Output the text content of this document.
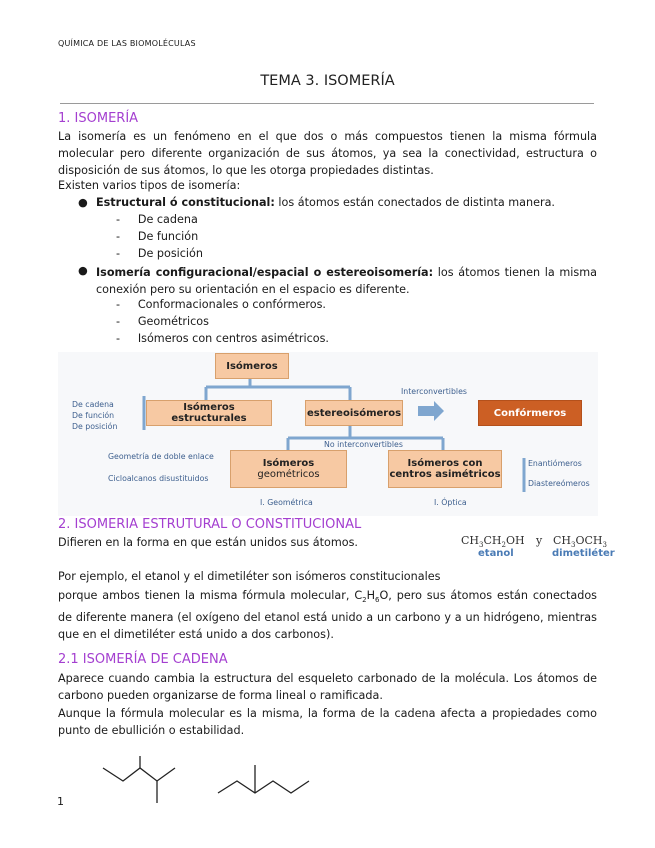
QUÍMICA DE LAS BIOMOLÉCULAS
TEMA 3. ISOMERÍA
1. ISOMERÍA
La isomería es un fenómeno en el que dos o más compuestos tienen la misma fórmula molecular pero diferente organización de sus átomos, ya sea la conectividad, estructura o disposición de sus átomos, lo que les otorga propiedades distintas.
Existen varios tipos de isomería:
● Estructural ó constitucional: los átomos están conectados de distinta manera.
-     De cadena
-     De función
-     De posición
● Isomería configuracional/espacial o estereoisomería: los átomos tienen la misma conexión pero su orientación en el espacio es diferente.
-     Conformacionales o confórmeros.
-     Geométricos
-     Isómeros con centros asimétricos.
Isómeros
Isómeros estructurales	estereoisómeros	Confórmeros
Isómeros
geométricos
Isómeros con
centros asimétricos
Interconvertibles
No interconvertibles
De cadena
De función
De posición
Geometría de doble enlace
Cicloalcanos disustituidos
Enantiómeros
Diastereómeros
I. Geométrica	I. Óptica
2. ISOMERIA ESTRUTURAL O CONSTITUCIONAL
Difieren en la forma en que están unidos sus átomos.	$CH_3CH_2OH$ y $CH_3OCH_3$
etanol	dimetiléter
Por ejemplo, el etanol y el dimetiléter son isómeros constitucionales
porque ambos tienen la misma fórmula molecular, $C_2H_6O$, pero sus átomos están conectados de diferente manera (el oxígeno del etanol está unido a un carbono y a un hidrógeno, mientras que en el dimetiléter está unido a dos carbonos).
2.1 ISOMERÍA DE CADENA
Aparece cuando cambia la estructura del esqueleto carbonado de la molécula. Los átomos de carbono pueden organizarse de forma lineal o ramificada.
Aunque la fórmula molecular es la misma, la forma de la cadena afecta a propiedades como punto de ebullición o estabilidad.
1
